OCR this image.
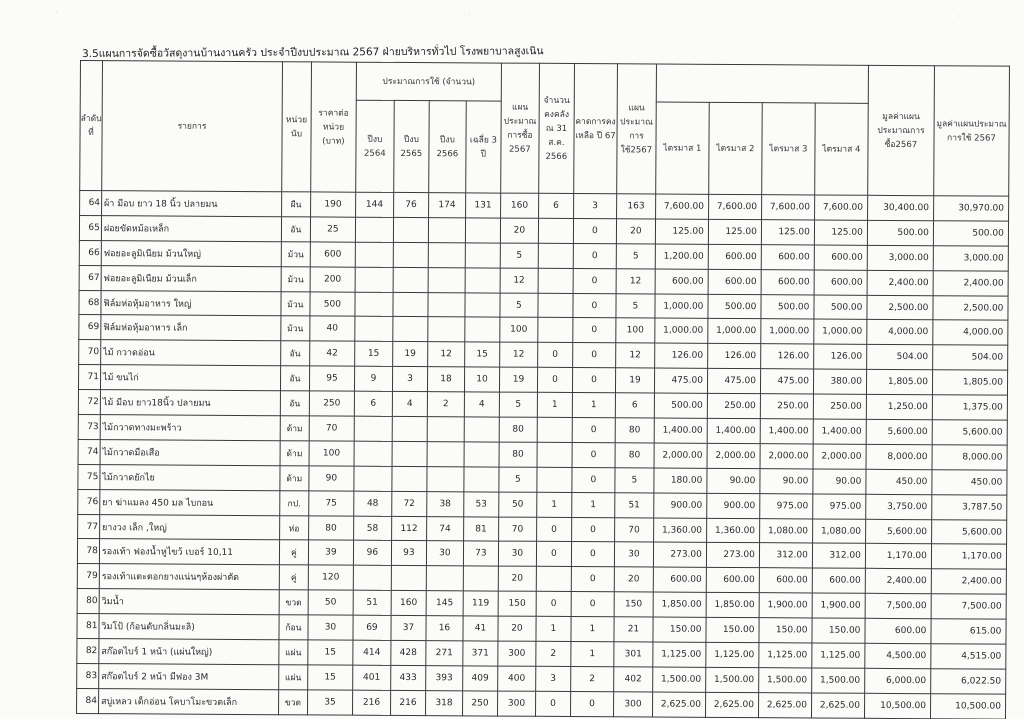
·	·	·
3.5แผนการจัดซื้อวัสดุงานบ้านงานครัว ประจำปีงบประมาณ 2567 ฝ่ายบริหารทั่วไป โรงพยาบาลสูงเนิน
ลำดับที่	รายการ	หน่วยนับ	ราคาต่อหน่วย (บาท)	ประมาณการใช้ (จำนวน)				แผนประมาณการซื้อ 2567	จำนวนคงคลัง ณ 31 ส.ค. 2566	คาดการคงเหลือ ปี 67	แผนประมาณการใช้2567					มูลค่าแผนประมาณการซื้อ2567	มูลค่าแผนประมาณการใช้ 2567
				ปีงบ 2564	ปีงบ 2565	ปีงบ 2566	เฉลี่ย 3 ปี					ไตรมาส 1	ไตรมาส 2	ไตรมาส 3	ไตรมาส 4		
64	ผ้า มีอบ ยาว 18 นิ้ว ปลายมน	ผืน	190	144	76	174	131	160	6	3	163	7,600.00	7,600.00	7,600.00	7,600.00	30,400.00	30,970.00
65	ฝอยขัดหม้อเหล็ก	อัน	25					20		0	20	125.00	125.00	125.00	125.00	500.00	500.00
66	ฟอยอะลูมิเนียม ม้วนใหญ่	ม้วน	600					5		0	5	1,200.00	600.00	600.00	600.00	3,000.00	3,000.00
67	ฟอยอะลูมิเนียม ม้วนเล็ก	ม้วน	200					12		0	12	600.00	600.00	600.00	600.00	2,400.00	2,400.00
68	ฟิล์มห่อหุ้มอาหาร ใหญ่	ม้วน	500					5		0	5	1,000.00	500.00	500.00	500.00	2,500.00	2,500.00
69	ฟิล์มห่อหุ้มอาหาร เล็ก	ม้วน	40					100		0	100	1,000.00	1,000.00	1,000.00	1,000.00	4,000.00	4,000.00
70	ไม้ กวาดอ่อน	อัน	42	15	19	12	15	12	0	0	12	126.00	126.00	126.00	126.00	504.00	504.00
71	ไม้ ขนไก่	อัน	95	9	3	18	10	19	0	0	19	475.00	475.00	475.00	380.00	1,805.00	1,805.00
72	ไม้ มีอบ ยาว18นิ้ว ปลายมน	อัน	250	6	4	2	4	5	1	1	6	500.00	250.00	250.00	250.00	1,250.00	1,375.00
73	ไม้กวาดทางมะพร้าว	ด้าม	70					80		0	80	1,400.00	1,400.00	1,400.00	1,400.00	5,600.00	5,600.00
74	ไม้กวาดมือเสือ	ด้าม	100					80		0	80	2,000.00	2,000.00	2,000.00	2,000.00	8,000.00	8,000.00
75	ไม้กวาดยักไย	ด้าม	90					5		0	5	180.00	90.00	90.00	90.00	450.00	450.00
76	ยา ฆ่าแมลง 450 มล ไบกอน	กป.	75	48	72	38	53	50	1	1	51	900.00	900.00	975.00	975.00	3,750.00	3,787.50
77	ยางวง เล็ก ,ใหญ่	ห่อ	80	58	112	74	81	70	0	0	70	1,360.00	1,360.00	1,080.00	1,080.00	5,600.00	5,600.00
78	รองเท้า ฟองน้ำหูไขว้ เบอร์ 10,11	คู่	39	96	93	30	73	30	0	0	30	273.00	273.00	312.00	312.00	1,170.00	1,170.00
79	รองเท้าแตะตอกยางแน่นๆห้องผ่าตัด	คู่	120					20		0	20	600.00	600.00	600.00	600.00	2,400.00	2,400.00
80	วิมน้ำ	ขวด	50	51	160	145	119	150	0	0	150	1,850.00	1,850.00	1,900.00	1,900.00	7,500.00	7,500.00
81	วิมโป้ (ก้อนดับกลิ่นมะลิ)	ก้อน	30	69	37	16	41	20	1	1	21	150.00	150.00	150.00	150.00	600.00	615.00
82	สก๊อตไบร์ 1 หน้า (แผ่นใหญ่)	แผ่น	15	414	428	271	371	300	2	1	301	1,125.00	1,125.00	1,125.00	1,125.00	4,500.00	4,515.00
83	สก๊อตไบร์ 2 หน้า มีฟอง 3M	แผ่น	15	401	433	393	409	400	3	2	402	1,500.00	1,500.00	1,500.00	1,500.00	6,000.00	6,022.50
84	สบู่เหลว เด็กอ่อน โคบาโมะขวดเล็ก	ขวด	35	216	216	318	250	300	0	0	300	2,625.00	2,625.00	2,625.00	2,625.00	10,500.00	10,500.00
